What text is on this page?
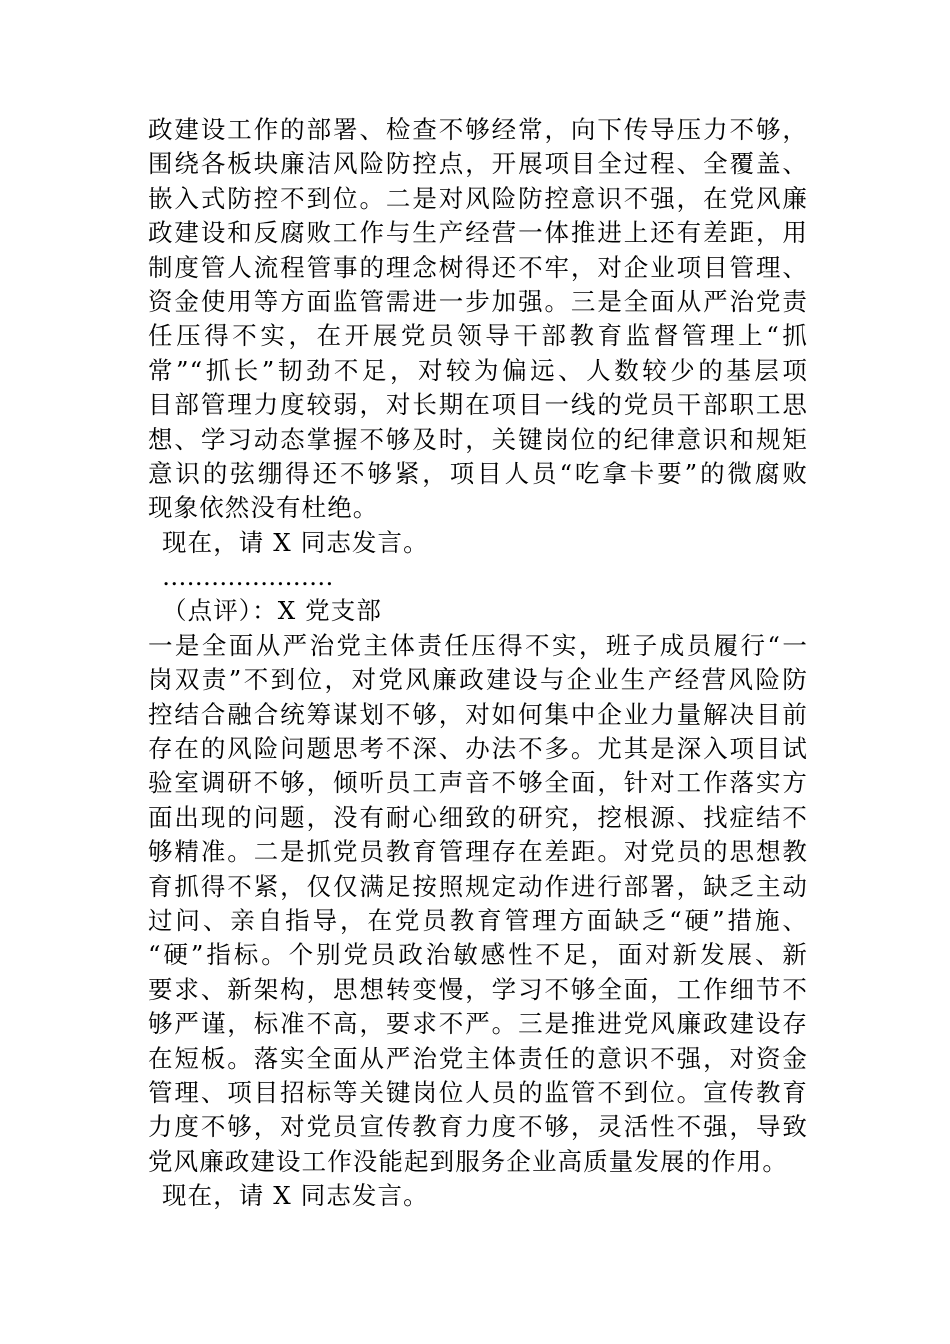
政建设工作的部署、检查不够经常，向下传导压力不够，
围绕各板块廉洁风险防控点，开展项目全过程、全覆盖、
嵌入式防控不到位。二是对风险防控意识不强，在党风廉
政建设和反腐败工作与生产经营一体推进上还有差距，用
制度管人流程管事的理念树得还不牢，对企业项目管理、
资金使用等方面监管需进一步加强。三是全面从严治党责
任压得不实，在开展党员领导干部教育监督管理上“抓
常”“抓长”韧劲不足，对较为偏远、人数较少的基层项
目部管理力度较弱，对长期在项目一线的党员干部职工思
想、学习动态掌握不够及时，关键岗位的纪律意识和规矩
意识的弦绷得还不够紧，项目人员“吃拿卡要”的微腐败
现象依然没有杜绝。
现在，请 X 同志发言。
…………………
（点评）：X 党支部
一是全面从严治党主体责任压得不实，班子成员履行“一
岗双责”不到位，对党风廉政建设与企业生产经营风险防
控结合融合统筹谋划不够，对如何集中企业力量解决目前
存在的风险问题思考不深、办法不多。尤其是深入项目试
验室调研不够，倾听员工声音不够全面，针对工作落实方
面出现的问题，没有耐心细致的研究，挖根源、找症结不
够精准。二是抓党员教育管理存在差距。对党员的思想教
育抓得不紧，仅仅满足按照规定动作进行部署，缺乏主动
过问、亲自指导，在党员教育管理方面缺乏“硬”措施、
“硬”指标。个别党员政治敏感性不足，面对新发展、新
要求、新架构，思想转变慢，学习不够全面，工作细节不
够严谨，标准不高，要求不严。三是推进党风廉政建设存
在短板。落实全面从严治党主体责任的意识不强，对资金
管理、项目招标等关键岗位人员的监管不到位。宣传教育
力度不够，对党员宣传教育力度不够，灵活性不强，导致
党风廉政建设工作没能起到服务企业高质量发展的作用。
现在，请 X 同志发言。
